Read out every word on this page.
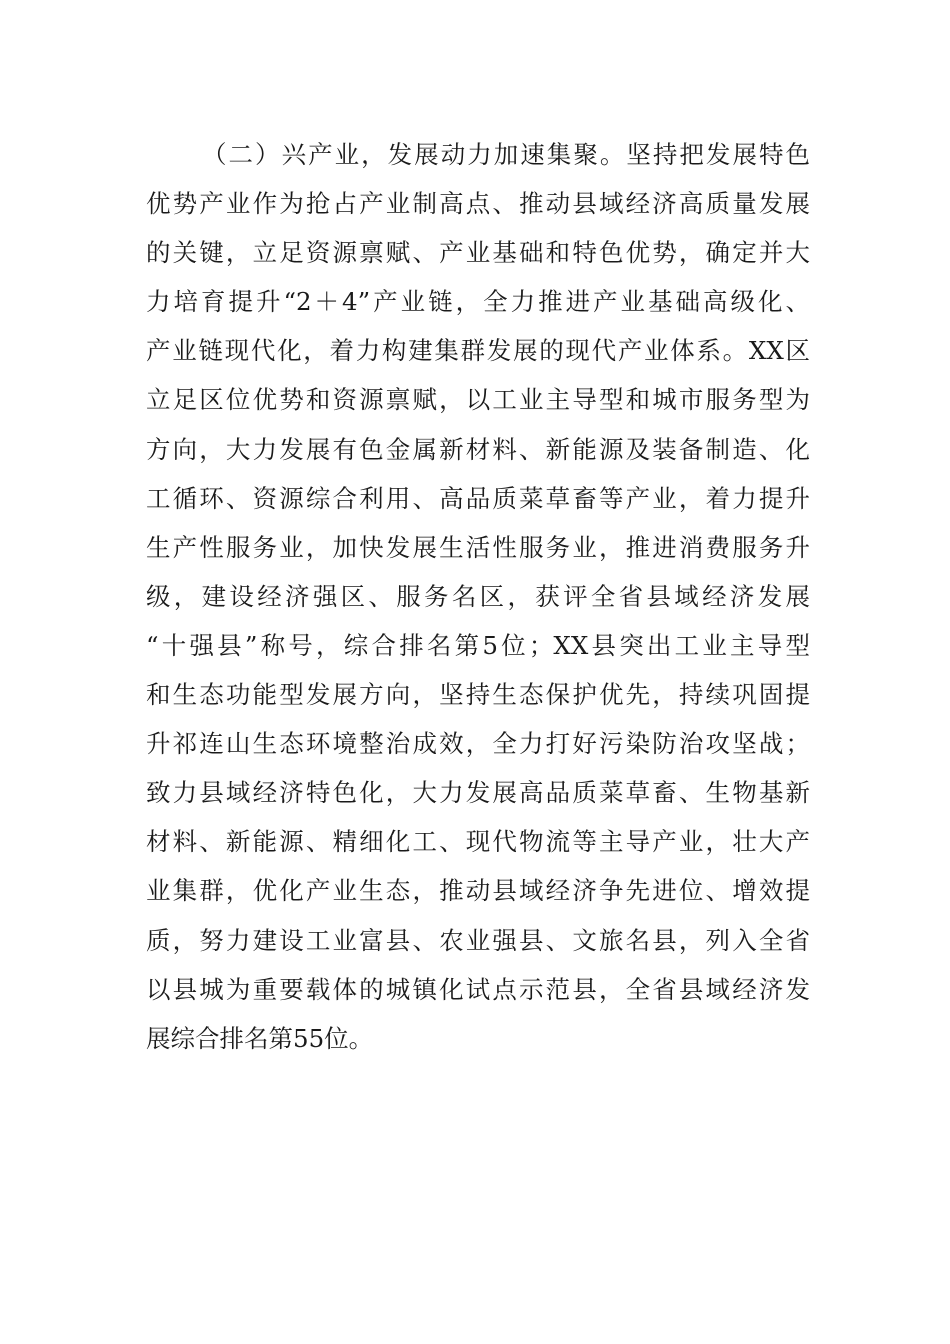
（二）兴产业，发展动力加速集聚。坚持把发展特色
优势产业作为抢占产业制高点、推动县域经济高质量发展
的关键，立足资源禀赋、产业基础和特色优势，确定并大
力培育提升“2＋4”产业链，全力推进产业基础高级化、
产业链现代化，着力构建集群发展的现代产业体系。XX区
立足区位优势和资源禀赋，以工业主导型和城市服务型为
方向，大力发展有色金属新材料、新能源及装备制造、化
工循环、资源综合利用、高品质菜草畜等产业，着力提升
生产性服务业，加快发展生活性服务业，推进消费服务升
级，建设经济强区、服务名区，获评全省县域经济发展
“十强县”称号，综合排名第5位；XX县突出工业主导型
和生态功能型发展方向，坚持生态保护优先，持续巩固提
升祁连山生态环境整治成效，全力打好污染防治攻坚战；
致力县域经济特色化，大力发展高品质菜草畜、生物基新
材料、新能源、精细化工、现代物流等主导产业，壮大产
业集群，优化产业生态，推动县域经济争先进位、增效提
质，努力建设工业富县、农业强县、文旅名县，列入全省
以县城为重要载体的城镇化试点示范县，全省县域经济发
展综合排名第55位。
